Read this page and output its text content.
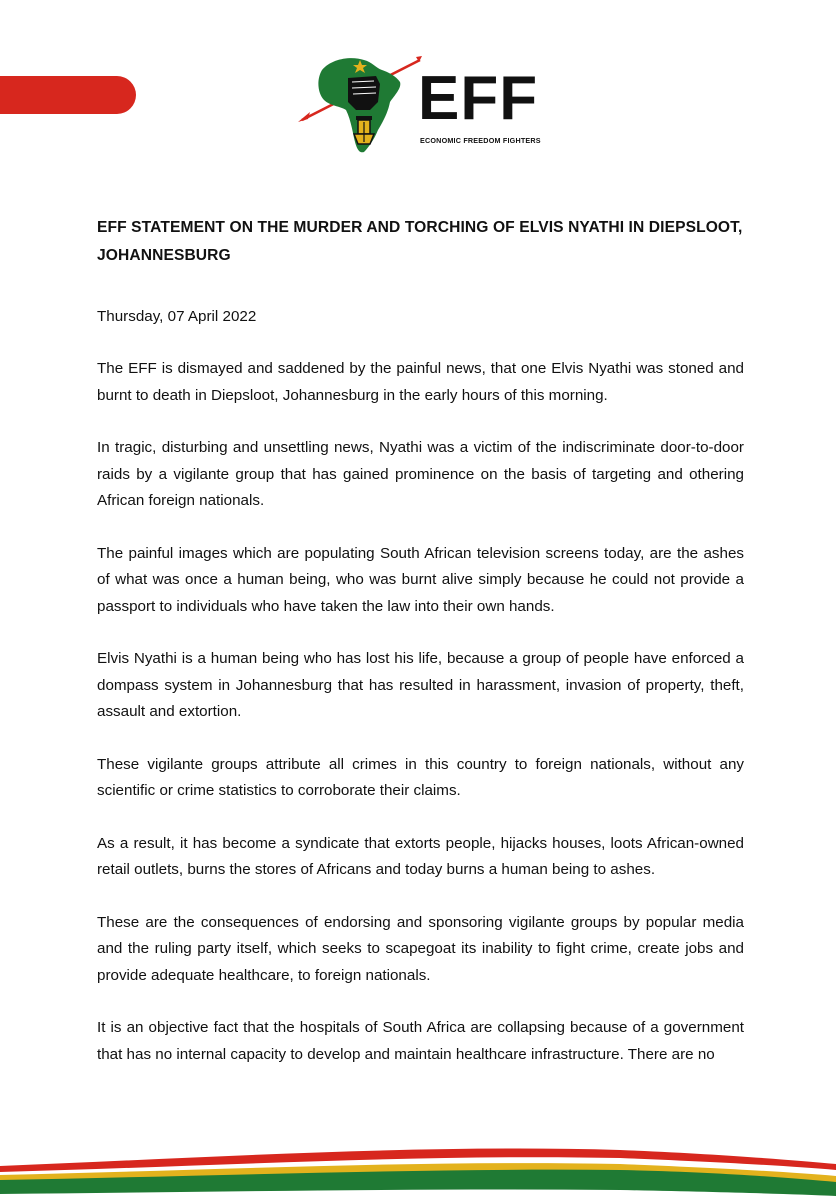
EFF
ECONOMIC FREEDOM FIGHTERS
EFF STATEMENT ON THE MURDER AND TORCHING OF ELVIS NYATHI IN DIEPSLOOT, JOHANNESBURG

Thursday, 07 April 2022

The EFF is dismayed and saddened by the painful news, that one Elvis Nyathi was stoned and burnt to death in Diepsloot, Johannesburg in the early hours of this morning.

In tragic, disturbing and unsettling news, Nyathi was a victim of the indiscriminate door-to-door raids by a vigilante group that has gained prominence on the basis of targeting and othering African foreign nationals.

The painful images which are populating South African television screens today, are the ashes of what was once a human being, who was burnt alive simply because he could not provide a passport to individuals who have taken the law into their own hands.

Elvis Nyathi is a human being who has lost his life, because a group of people have enforced a dompass system in Johannesburg that has resulted in harassment, invasion of property, theft, assault and extortion.

These vigilante groups attribute all crimes in this country to foreign nationals, without any scientific or crime statistics to corroborate their claims.

As a result, it has become a syndicate that extorts people, hijacks houses, loots African-owned retail outlets, burns the stores of Africans and today burns a human being to ashes.

These are the consequences of endorsing and sponsoring vigilante groups by popular media and the ruling party itself, which seeks to scapegoat its inability to fight crime, create jobs and provide adequate healthcare, to foreign nationals.

It is an objective fact that the hospitals of South Africa are collapsing because of a government that has no internal capacity to develop and maintain healthcare infrastructure. There are no
